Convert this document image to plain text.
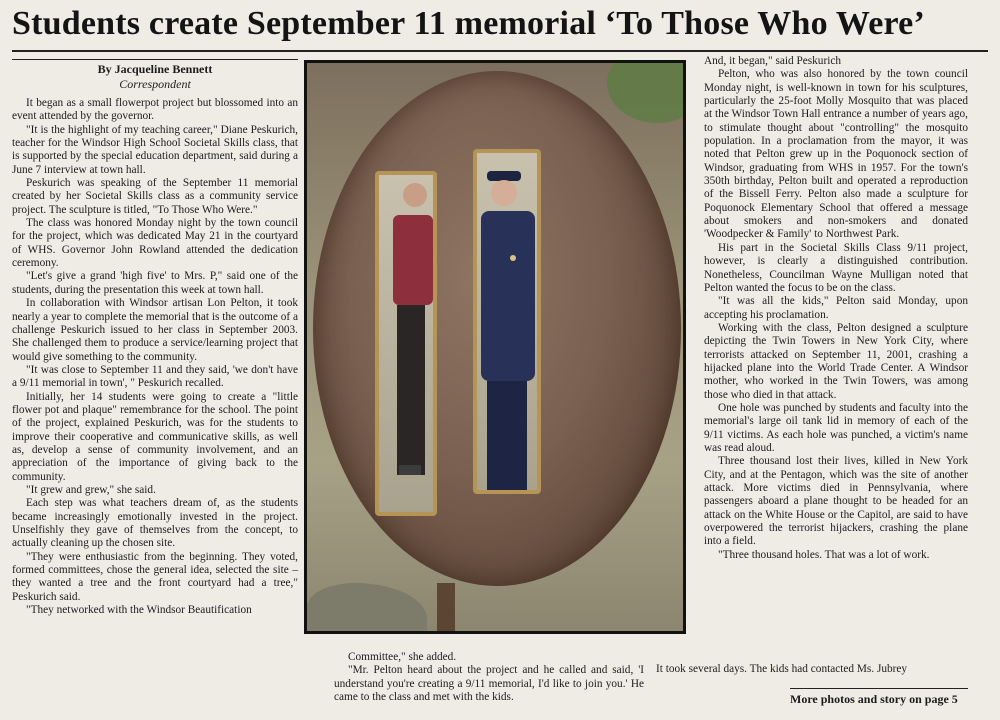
Students create September 11 memorial ‘To Those Who Were’
By Jacqueline Bennett
Correspondent

It began as a small flowerpot project but blossomed into an event attended by the governor.

"It is the highlight of my teaching career," Diane Peskurich, teacher for the Windsor High School Societal Skills class, that is supported by the special education department, said during a June 7 interview at town hall.

Peskurich was speaking of the September 11 memorial created by her Societal Skills class as a community service project. The sculpture is titled, "To Those Who Were."

The class was honored Monday night by the town council for the project, which was dedicated May 21 in the courtyard of WHS. Governor John Rowland attended the dedication ceremony.

"Let's give a grand 'high five' to Mrs. P," said one of the students, during the presentation this week at town hall.

In collaboration with Windsor artisan Lon Pelton, it took nearly a year to complete the memorial that is the outcome of a challenge Peskurich issued to her class in September 2003. She challenged them to produce a service/learning project that would give something to the community.

"It was close to September 11 and they said, 'we don't have a 9/11 memorial in town', " Peskurich recalled.

Initially, her 14 students were going to create a "little flower pot and plaque" remembrance for the school. The point of the project, explained Peskurich, was for the students to improve their cooperative and communicative skills, as well as, develop a sense of community involvement, and an appreciation of the importance of giving back to the community.

"It grew and grew," she said.

Each step was what teachers dream of, as the students became increasingly emotionally invested in the project. Unselfishly they gave of themselves from the concept, to actually cleaning up the chosen site.

"They were enthusiastic from the beginning. They voted, formed committees, chose the general idea, selected the site – they wanted a tree and the front courtyard had a tree," Peskurich said.

"They networked with the Windsor Beautification

Committee," she added.

"Mr. Pelton heard about the project and he called and said, 'I understand you're creating a 9/11 memorial, I'd like to join you.' He came to the class and met with the kids.

And, it began," said Peskurich

Pelton, who was also honored by the town council Monday night, is well-known in town for his sculptures, particularly the 25-foot Molly Mosquito that was placed at the Windsor Town Hall entrance a number of years ago, to stimulate thought about "controlling" the mosquito population. In a proclamation from the mayor, it was noted that Pelton grew up in the Poquonock section of Windsor, graduating from WHS in 1957. For the town's 350th birthday, Pelton built and operated a reproduction of the Bissell Ferry. Pelton also made a sculpture for Poquonock Elementary School that offered a message about smokers and non-smokers and donated 'Woodpecker & Family' to Northwest Park.

His part in the Societal Skills Class 9/11 project, however, is clearly a distinguished contribution. Nonetheless, Councilman Wayne Mulligan noted that Pelton wanted the focus to be on the class.

"It was all the kids," Pelton said Monday, upon accepting his proclamation.

Working with the class, Pelton designed a sculpture depicting the Twin Towers in New York City, where terrorists attacked on September 11, 2001, crashing a hijacked plane into the World Trade Center. A Windsor mother, who worked in the Twin Towers, was among those who died in that attack.

One hole was punched by students and faculty into the memorial's large oil tank lid in memory of each of the 9/11 victims. As each hole was punched, a victim's name was read aloud.

Three thousand lost their lives, killed in New York City, and at the Pentagon, which was the site of another attack. More victims died in Pennsylvania, where passengers aboard a plane thought to be headed for an attack on the White House or the Capitol, are said to have overpowered the terrorist hijackers, crashing the plane into a field.

"Three thousand holes. That was a lot of work.

It took several days. The kids had contacted Ms. Jubrey

More photos and story on page 5
